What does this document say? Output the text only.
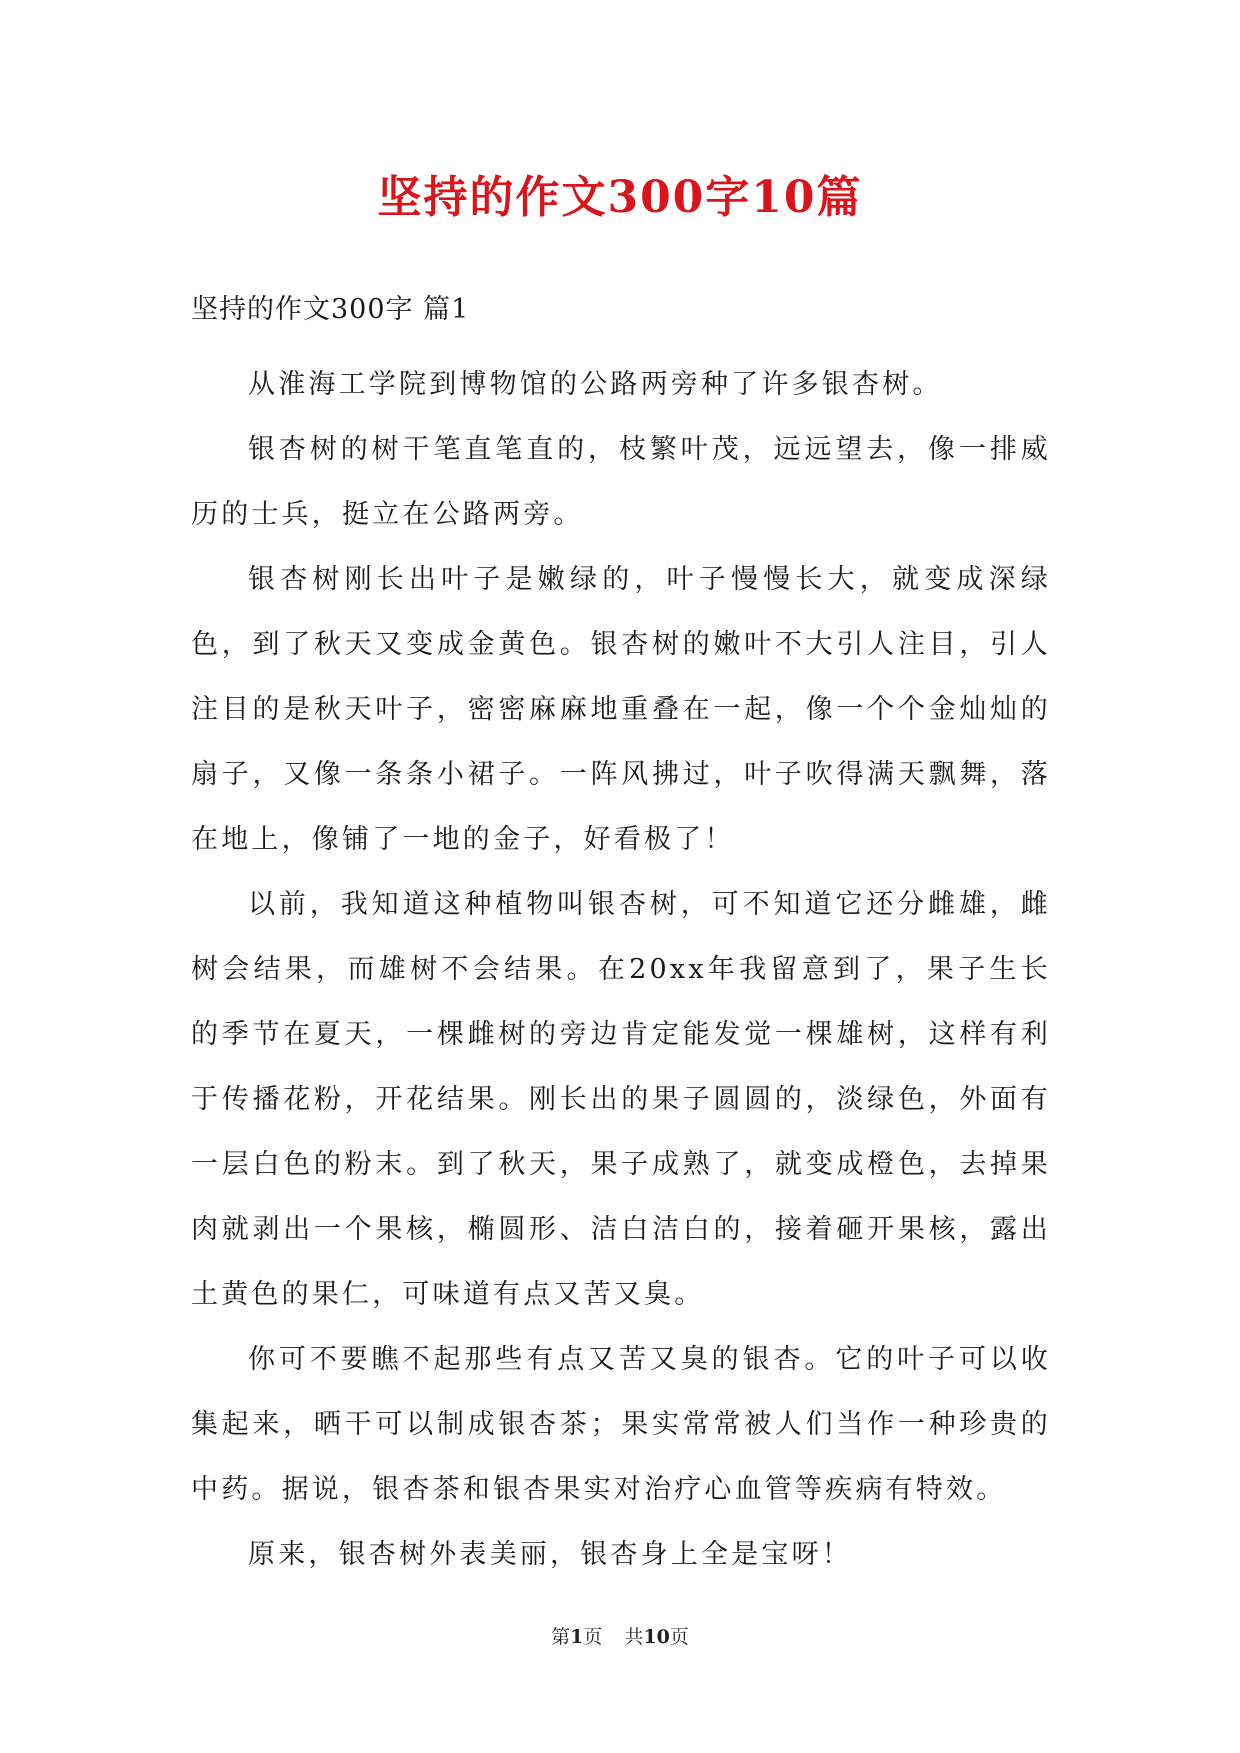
坚持的作文300字10篇
坚持的作文300字 篇1

从淮海工学院到博物馆的公路两旁种了许多银杏树。

银杏树的树干笔直笔直的，枝繁叶茂，远远望去，像一排威历的士兵，挺立在公路两旁。

银杏树刚长出叶子是嫩绿的，叶子慢慢长大，就变成深绿色，到了秋天又变成金黄色。银杏树的嫩叶不大引人注目，引人注目的是秋天叶子，密密麻麻地重叠在一起，像一个个金灿灿的扇子，又像一条条小裙子。一阵风拂过，叶子吹得满天飘舞，落在地上，像铺了一地的金子，好看极了！

以前，我知道这种植物叫银杏树，可不知道它还分雌雄，雌树会结果，而雄树不会结果。在20xx年我留意到了，果子生长的季节在夏天，一棵雌树的旁边肯定能发觉一棵雄树，这样有利于传播花粉，开花结果。刚长出的果子圆圆的，淡绿色，外面有一层白色的粉末。到了秋天，果子成熟了，就变成橙色，去掉果肉就剥出一个果核，椭圆形、洁白洁白的，接着砸开果核，露出土黄色的果仁，可味道有点又苦又臭。

你可不要瞧不起那些有点又苦又臭的银杏。它的叶子可以收集起来，晒干可以制成银杏茶；果实常常被人们当作一种珍贵的中药。据说，银杏茶和银杏果实对治疗心血管等疾病有特效。

原来，银杏树外表美丽，银杏身上全是宝呀！

第1页 共10页
